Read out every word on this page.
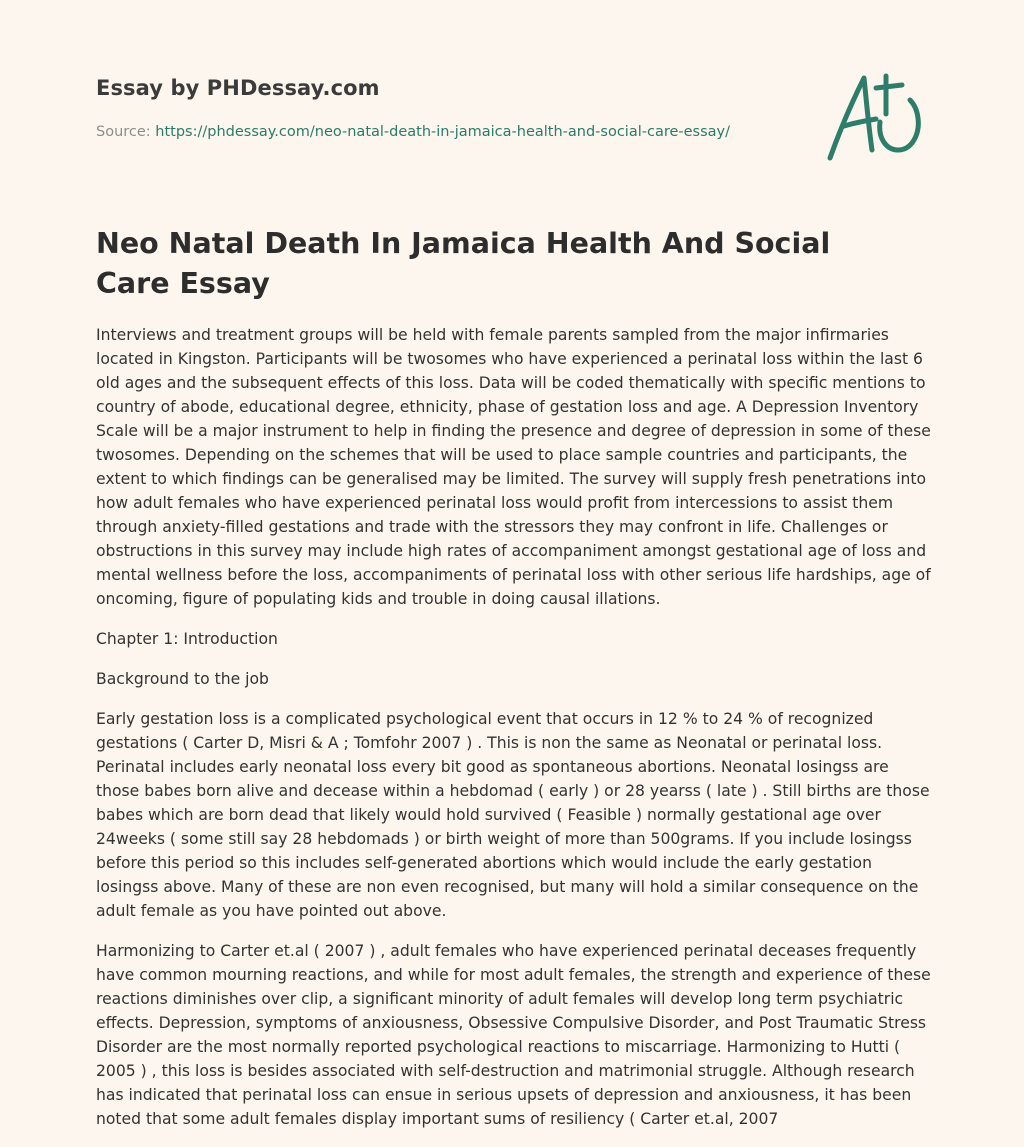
Essay by PHDessay.com
Source: https://phdessay.com/neo-natal-death-in-jamaica-health-and-social-care-essay/
Neo Natal Death In Jamaica Health And Social Care Essay

Interviews and treatment groups will be held with female parents sampled from the major infirmaries located in Kingston. Participants will be twosomes who have experienced a perinatal loss within the last 6 old ages and the subsequent effects of this loss. Data will be coded thematically with specific mentions to country of abode, educational degree, ethnicity, phase of gestation loss and age. A Depression Inventory Scale will be a major instrument to help in finding the presence and degree of depression in some of these twosomes. Depending on the schemes that will be used to place sample countries and participants, the extent to which findings can be generalised may be limited. The survey will supply fresh penetrations into how adult females who have experienced perinatal loss would profit from intercessions to assist them through anxiety-filled gestations and trade with the stressors they may confront in life. Challenges or obstructions in this survey may include high rates of accompaniment amongst gestational age of loss and mental wellness before the loss, accompaniments of perinatal loss with other serious life hardships, age of oncoming, figure of populating kids and trouble in doing causal illations.

Chapter 1: Introduction

Background to the job

Early gestation loss is a complicated psychological event that occurs in 12 % to 24 % of recognized gestations ( Carter D, Misri & A ; Tomfohr 2007 ) . This is non the same as Neonatal or perinatal loss. Perinatal includes early neonatal loss every bit good as spontaneous abortions. Neonatal losingss are those babes born alive and decease within a hebdomad ( early ) or 28 yearss ( late ) . Still births are those babes which are born dead that likely would hold survived ( Feasible ) normally gestational age over 24weeks ( some still say 28 hebdomads ) or birth weight of more than 500grams. If you include losingss before this period so this includes self-generated abortions which would include the early gestation losingss above. Many of these are non even recognised, but many will hold a similar consequence on the adult female as you have pointed out above.

Harmonizing to Carter et.al ( 2007 ) , adult females who have experienced perinatal deceases frequently have common mourning reactions, and while for most adult females, the strength and experience of these reactions diminishes over clip, a significant minority of adult females will develop long term psychiatric effects. Depression, symptoms of anxiousness, Obsessive Compulsive Disorder, and Post Traumatic Stress Disorder are the most normally reported psychological reactions to miscarriage. Harmonizing to Hutti ( 2005 ) , this loss is besides associated with self-destruction and matrimonial struggle. Although research has indicated that perinatal loss can ensue in serious upsets of depression and anxiousness, it has been noted that some adult females display important sums of resiliency ( Carter et.al, 2007
